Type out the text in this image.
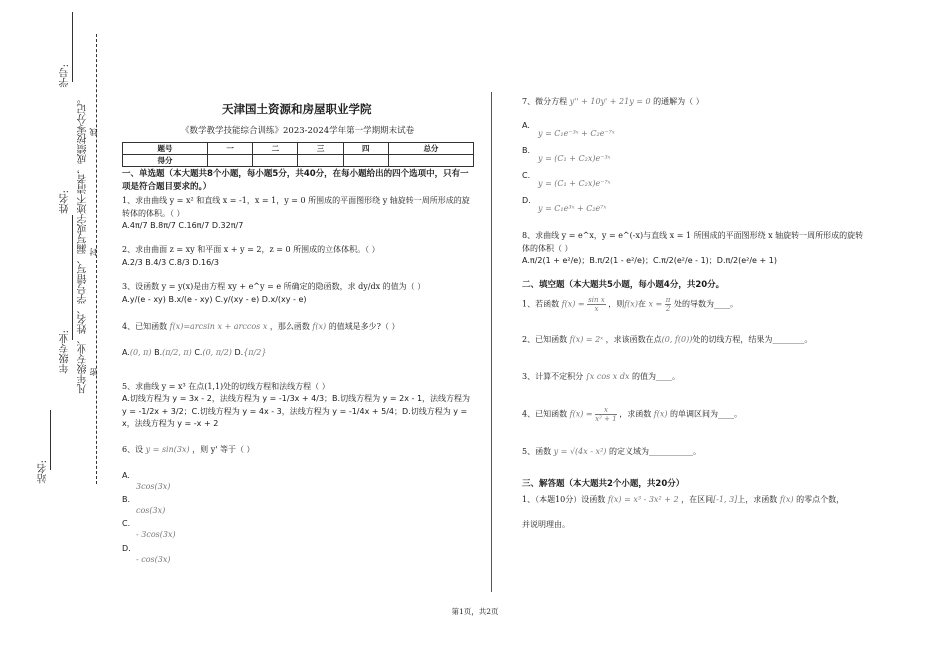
学号:
姓名:
年级专业:
站名:
凡年级专业、姓名、学号错写、漏写或字迹不清者，成绩按零分记。 密
封
线
天津国土资源和房屋职业学院
《数学教学技能综合训练》2023-2024学年第一学期期末试卷
题号	一	二	三	四	总分
得分					
一、单选题（本大题共8个小题，每小题5分，共40分，在每小题给出的四个选项中，只有一项是符合题目要求的。）
1、求由曲线 y = x² 和直线 x = -1，x = 1，y = 0 所围成的平面图形绕 y 轴旋转一周所形成的旋转体的体积。（ ）
A.4π/7 B.8π/7 C.16π/7 D.32π/7
2、求由曲面 z = xy 和平面 x + y = 2，z = 0 所围成的立体体积。（ ）
A.2/3 B.4/3 C.8/3 D.16/3
3、设函数 y = y(x)是由方程 xy + e^y = e 所确定的隐函数，求 dy/dx 的值为（ ）
A.y/(e - xy) B.x/(e - xy) C.y/(xy - e) D.x/(xy - e)
4、已知函数 f(x)=arcsin x + arccos x ，那么函数 f(x) 的值域是多少?（ ）
A.(0, π) B.(π/2, π) C.(0, π/2) D.{π/2}
5、求曲线 y = x³ 在点(1,1)处的切线方程和法线方程（ ）
A.切线方程为 y = 3x - 2，法线方程为 y = -1/3x + 4/3；B.切线方程为 y = 2x - 1，法线方程为 y = -1/2x + 3/2；C.切线方程为 y = 4x - 3，法线方程为 y = -1/4x + 5/4；D.切线方程为 y = x，法线方程为 y = -x + 2
6、设 y = sin(3x) ，则 y' 等于（ ）
A.
3cos(3x)
B.
cos(3x)
C.
- 3cos(3x)
D.
- cos(3x)
7、微分方程 y'' + 10y' + 21y = 0 的通解为（ ）
A.
y = C₁e⁻³ˣ + C₂e⁻⁷ˣ
B.
y = (C₁ + C₂x)e⁻³ˣ
C.
y = (C₁ + C₂x)e⁻⁷ˣ
D.
y = C₁e³ˣ + C₂e⁷ˣ
8、求曲线 y = e^x，y = e^(-x)与直线 x = 1 所围成的平面图形绕 x 轴旋转一周所形成的旋转体的体积（ ）
A.π/2(1 + e²/e)；B.π/2(1 - e²/e)；C.π/2(e²/e - 1)；D.π/2(e²/e + 1)
二、填空题（本大题共5小题，每小题4分，共20分。
1、若函数 $f(x) = \frac{\text{sin x}}{x}$ ，则f(x)在 $x = \frac{\pi}{2}$ 处的导数为____。
2、已知函数 f(x) = 2ˣ ，求该函数在点(0, f(0))处的切线方程，结果为________。
3、计算不定积分 ∫x cos x dx 的值为____。
4、已知函数 $f(x) = \frac{x}{\text{x² + 1}}$ ，求函数 f(x) 的单调区间为____。
5、函数 y = √(4x - x²) 的定义域为___________。
三、解答题（本大题共2个小题，共20分）
1、（本题10分）设函数 f(x) = x³ - 3x² + 2 ，在区间[-1, 3]上，求函数 f(x) 的零点个数，
并说明理由。
第1页，共2页
